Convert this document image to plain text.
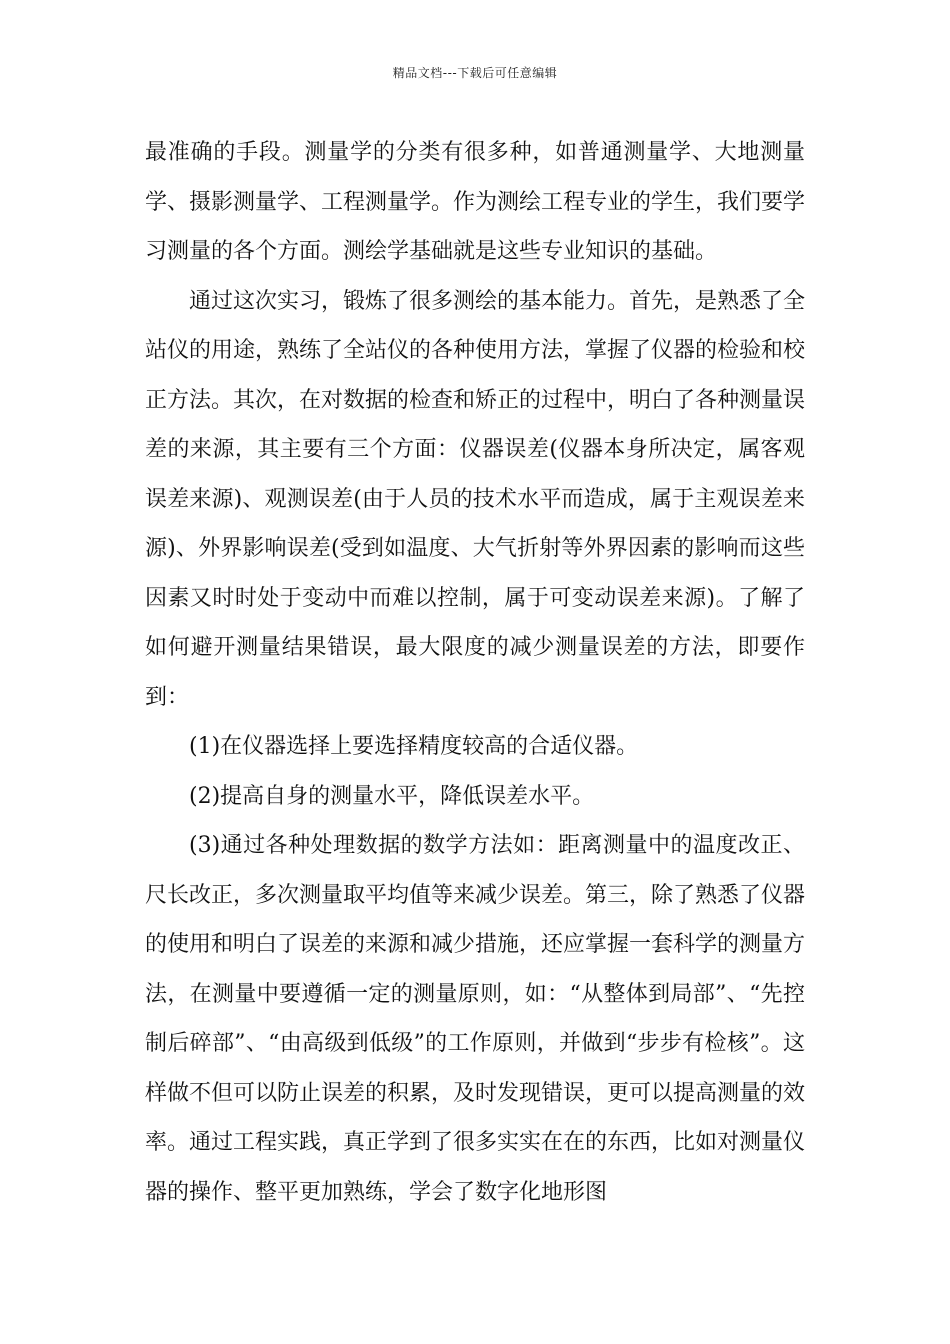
精品文档---下载后可任意编辑

最准确的手段。测量学的分类有很多种，如普通测量学、大地测量学、摄影测量学、工程测量学。作为测绘工程专业的学生，我们要学习测量的各个方面。测绘学基础就是这些专业知识的基础。

通过这次实习，锻炼了很多测绘的基本能力。首先，是熟悉了全站仪的用途，熟练了全站仪的各种使用方法，掌握了仪器的检验和校正方法。其次，在对数据的检查和矫正的过程中，明白了各种测量误差的来源，其主要有三个方面：仪器误差(仪器本身所决定，属客观误差来源)、观测误差(由于人员的技术水平而造成，属于主观误差来源)、外界影响误差(受到如温度、大气折射等外界因素的影响而这些因素又时时处于变动中而难以控制，属于可变动误差来源)。了解了如何避开测量结果错误，最大限度的减少测量误差的方法，即要作到：

(1)在仪器选择上要选择精度较高的合适仪器。

(2)提高自身的测量水平，降低误差水平。

(3)通过各种处理数据的数学方法如：距离测量中的温度改正、尺长改正，多次测量取平均值等来减少误差。第三，除了熟悉了仪器的使用和明白了误差的来源和减少措施，还应掌握一套科学的测量方法，在测量中要遵循一定的测量原则，如：“从整体到局部”、“先控制后碎部”、“由高级到低级”的工作原则，并做到“步步有检核”。这样做不但可以防止误差的积累，及时发现错误，更可以提高测量的效率。通过工程实践，真正学到了很多实实在在的东西，比如对测量仪器的操作、整平更加熟练，学会了数字化地形图
